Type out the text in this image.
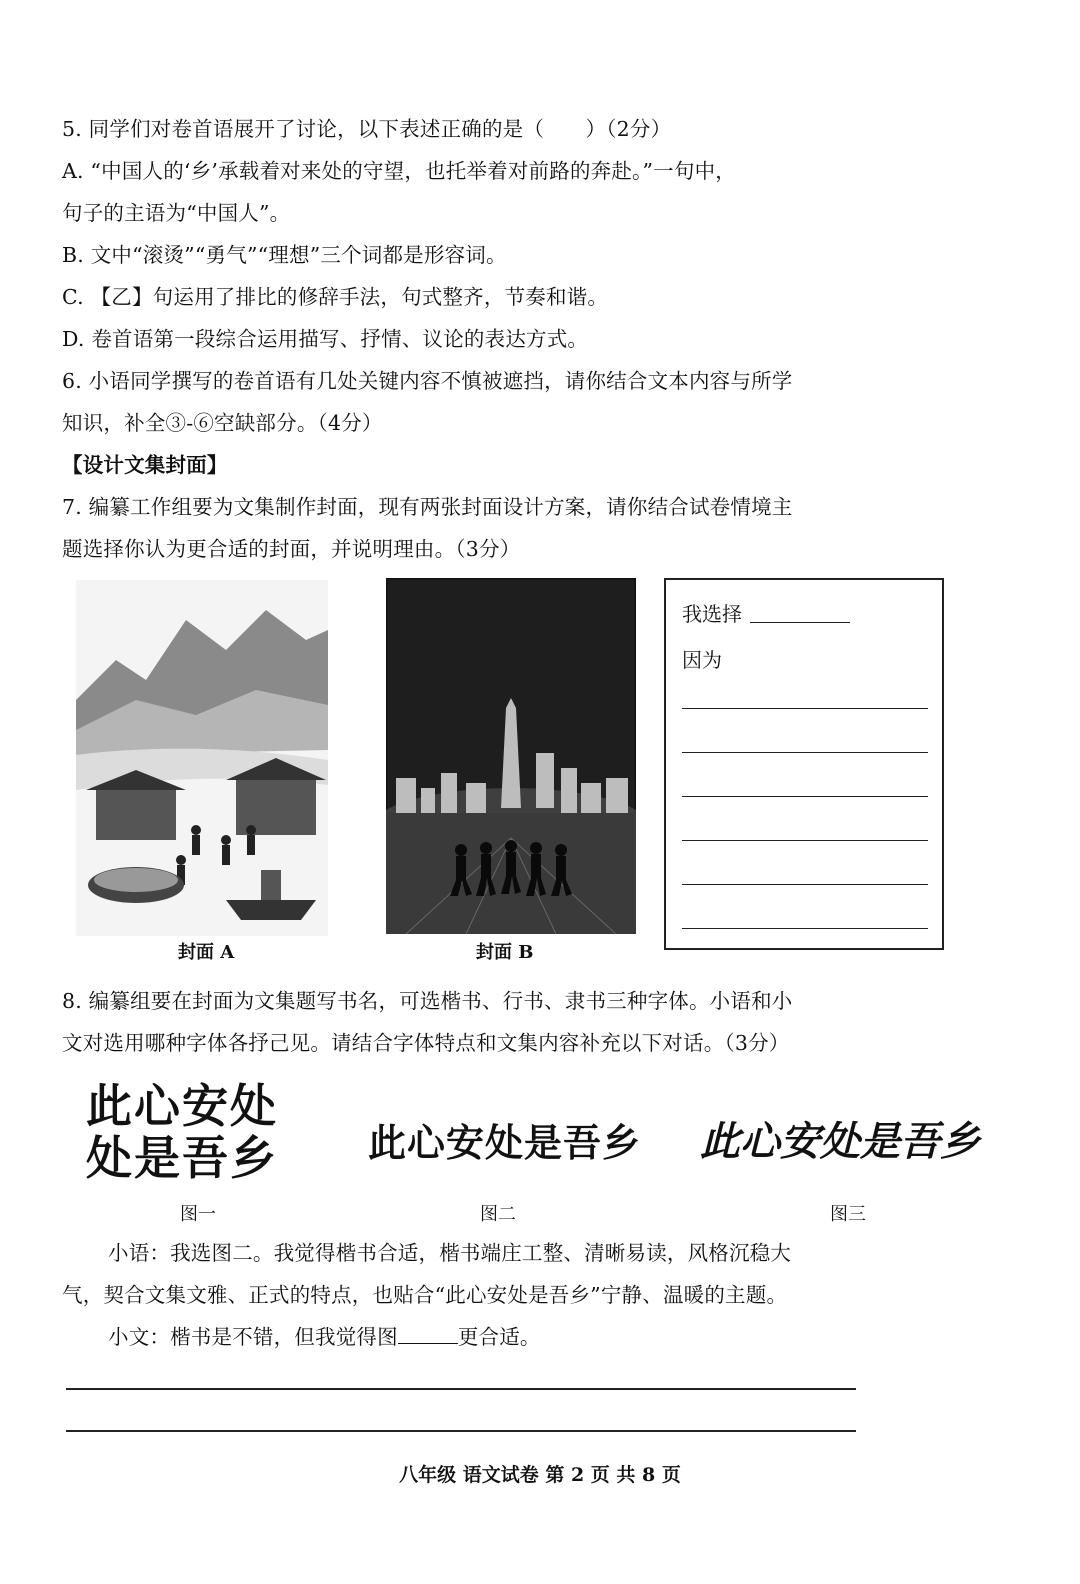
5. 同学们对卷首语展开了讨论，以下表述正确的是（　　）（2分）
A. “中国人的‘乡’承载着对来处的守望，也托举着对前路的奔赴。”一句中，
句子的主语为“中国人”。
B. 文中“滚烫”“勇气”“理想”三个词都是形容词。
C. 【乙】句运用了排比的修辞手法，句式整齐，节奏和谐。
D. 卷首语第一段综合运用描写、抒情、议论的表达方式。
6. 小语同学撰写的卷首语有几处关键内容不慎被遮挡，请你结合文本内容与所学
知识，补全③-⑥空缺部分。（4分）
【设计文集封面】
7. 编纂工作组要为文集制作封面，现有两张封面设计方案，请你结合试卷情境主
题选择你认为更合适的封面，并说明理由。（3分）
封面 A	封面 B
我选择
因为
8. 编纂组要在封面为文集题写书名，可选楷书、行书、隶书三种字体。小语和小
文对选用哪种字体各抒己见。请结合字体特点和文集内容补充以下对话。（3分）
此心安处
处是吾乡 此心安处是吾乡 此心安处是吾乡
图一	图二	图三
小语：我选图二。我觉得楷书合适，楷书端庄工整、清晰易读，风格沉稳大
气，契合文集文雅、正式的特点，也贴合“此心安处是吾乡”宁静、温暖的主题。
小文：楷书是不错，但我觉得图	更合适。
八年级 语文试卷 第 2 页 共 8 页
